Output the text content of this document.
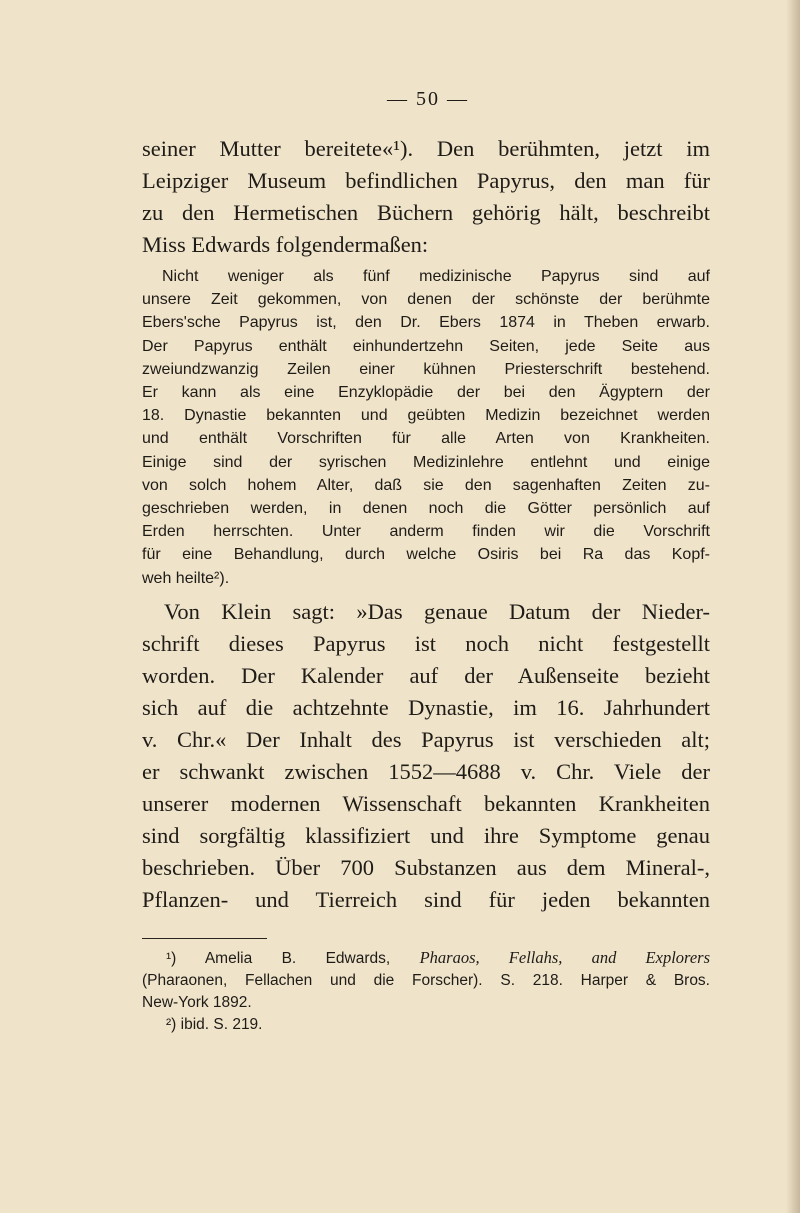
— 50 —
seiner Mutter bereitete«¹). Den berühmten, jetzt im
Leipziger Museum befindlichen Papyrus, den man für
zu den Hermetischen Büchern gehörig hält, beschreibt
Miss Edwards folgendermaßen:
Nicht weniger als fünf medizinische Papyrus sind auf
unsere Zeit gekommen, von denen der schönste der berühmte
Ebers'sche Papyrus ist, den Dr. Ebers 1874 in Theben erwarb.
Der Papyrus enthält einhundertzehn Seiten, jede Seite aus
zweiundzwanzig Zeilen einer kühnen Priesterschrift bestehend.
Er kann als eine Enzyklopädie der bei den Ägyptern der
18. Dynastie bekannten und geübten Medizin bezeichnet werden
und enthält Vorschriften für alle Arten von Krankheiten.
Einige sind der syrischen Medizinlehre entlehnt und einige
von solch hohem Alter, daß sie den sagenhaften Zeiten zu-
geschrieben werden, in denen noch die Götter persönlich auf
Erden herrschten. Unter anderm finden wir die Vorschrift
für eine Behandlung, durch welche Osiris bei Ra das Kopf-
weh heilte²).
Von Klein sagt: »Das genaue Datum der Nieder-
schrift dieses Papyrus ist noch nicht festgestellt
worden. Der Kalender auf der Außenseite bezieht
sich auf die achtzehnte Dynastie, im 16. Jahrhundert
v. Chr.« Der Inhalt des Papyrus ist verschieden alt;
er schwankt zwischen 1552—4688 v. Chr. Viele der
unserer modernen Wissenschaft bekannten Krankheiten
sind sorgfältig klassifiziert und ihre Symptome genau
beschrieben. Über 700 Substanzen aus dem Mineral-,
Pflanzen- und Tierreich sind für jeden bekannten
¹) Amelia B. Edwards, Pharaos, Fellahs, and Explorers
(Pharaonen, Fellachen und die Forscher). S. 218. Harper & Bros.
New-York 1892.
²) ibid. S. 219.
